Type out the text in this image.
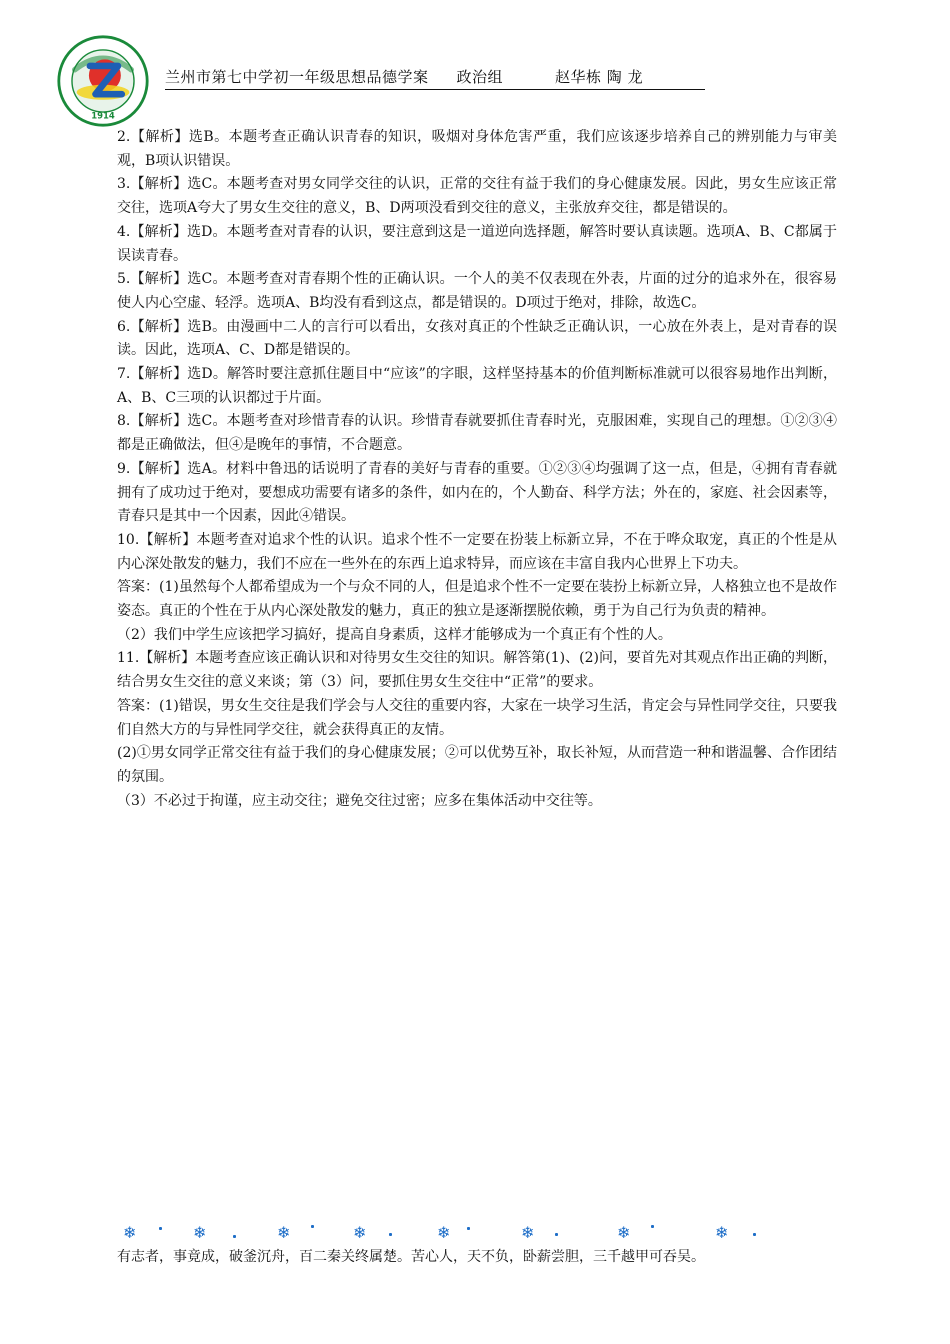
1914
兰州市第七中学初一年级思想品德学案 政治组	赵华栋 陶 龙

2.【解析】选B。本题考查正确认识青春的知识，吸烟对身体危害严重，我们应该逐步培养自己的辨别能力与审美观，B项认识错误。

3.【解析】选C。本题考查对男女同学交往的认识，正常的交往有益于我们的身心健康发展。因此，男女生应该正常交往，选项A夸大了男女生交往的意义，B、D两项没看到交往的意义，主张放弃交往，都是错误的。

4.【解析】选D。本题考查对青春的认识，要注意到这是一道逆向选择题，解答时要认真读题。选项A、B、C都属于误读青春。

5.【解析】选C。本题考查对青春期个性的正确认识。一个人的美不仅表现在外表，片面的过分的追求外在，很容易使人内心空虚、轻浮。选项A、B均没有看到这点，都是错误的。D项过于绝对，排除，故选C。

6.【解析】选B。由漫画中二人的言行可以看出，女孩对真正的个性缺乏正确认识，一心放在外表上，是对青春的误读。因此，选项A、C、D都是错误的。

7.【解析】选D。解答时要注意抓住题目中“应该”的字眼，这样坚持基本的价值判断标准就可以很容易地作出判断，A、B、C三项的认识都过于片面。

8.【解析】选C。本题考查对珍惜青春的认识。珍惜青春就要抓住青春时光，克服困难，实现自己的理想。①②③④都是正确做法，但④是晚年的事情，不合题意。

9.【解析】选A。材料中鲁迅的话说明了青春的美好与青春的重要。①②③④均强调了这一点，但是，④拥有青春就拥有了成功过于绝对，要想成功需要有诸多的条件，如内在的，个人勤奋、科学方法；外在的，家庭、社会因素等，青春只是其中一个因素，因此④错误。

10.【解析】本题考查对追求个性的认识。追求个性不一定要在扮装上标新立异，不在于哗众取宠，真正的个性是从内心深处散发的魅力，我们不应在一些外在的东西上追求特异，而应该在丰富自我内心世界上下功夫。

答案：(1)虽然每个人都希望成为一个与众不同的人，但是追求个性不一定要在装扮上标新立异，人格独立也不是故作姿态。真正的个性在于从内心深处散发的魅力，真正的独立是逐渐摆脱依赖，勇于为自己行为负责的精神。

（2）我们中学生应该把学习搞好，提高自身素质，这样才能够成为一个真正有个性的人。

11.【解析】本题考查应该正确认识和对待男女生交往的知识。解答第(1)、(2)问，要首先对其观点作出正确的判断，结合男女生交往的意义来谈；第（3）问，要抓住男女生交往中“正常”的要求。

答案：(1)错误，男女生交往是我们学会与人交往的重要内容，大家在一块学习生活，肯定会与异性同学交往，只要我们自然大方的与异性同学交往，就会获得真正的友情。

(2)①男女同学正常交往有益于我们的身心健康发展；②可以优势互补，取长补短，从而营造一种和谐温馨、合作团结的氛围。

（3）不必过于拘谨，应主动交往；避免交往过密；应多在集体活动中交往等。

❄	❄	❄	❄	❄	❄	❄	❄
有志者，事竟成，破釜沉舟，百二秦关终属楚。苦心人，天不负，卧薪尝胆，三千越甲可吞吴。
